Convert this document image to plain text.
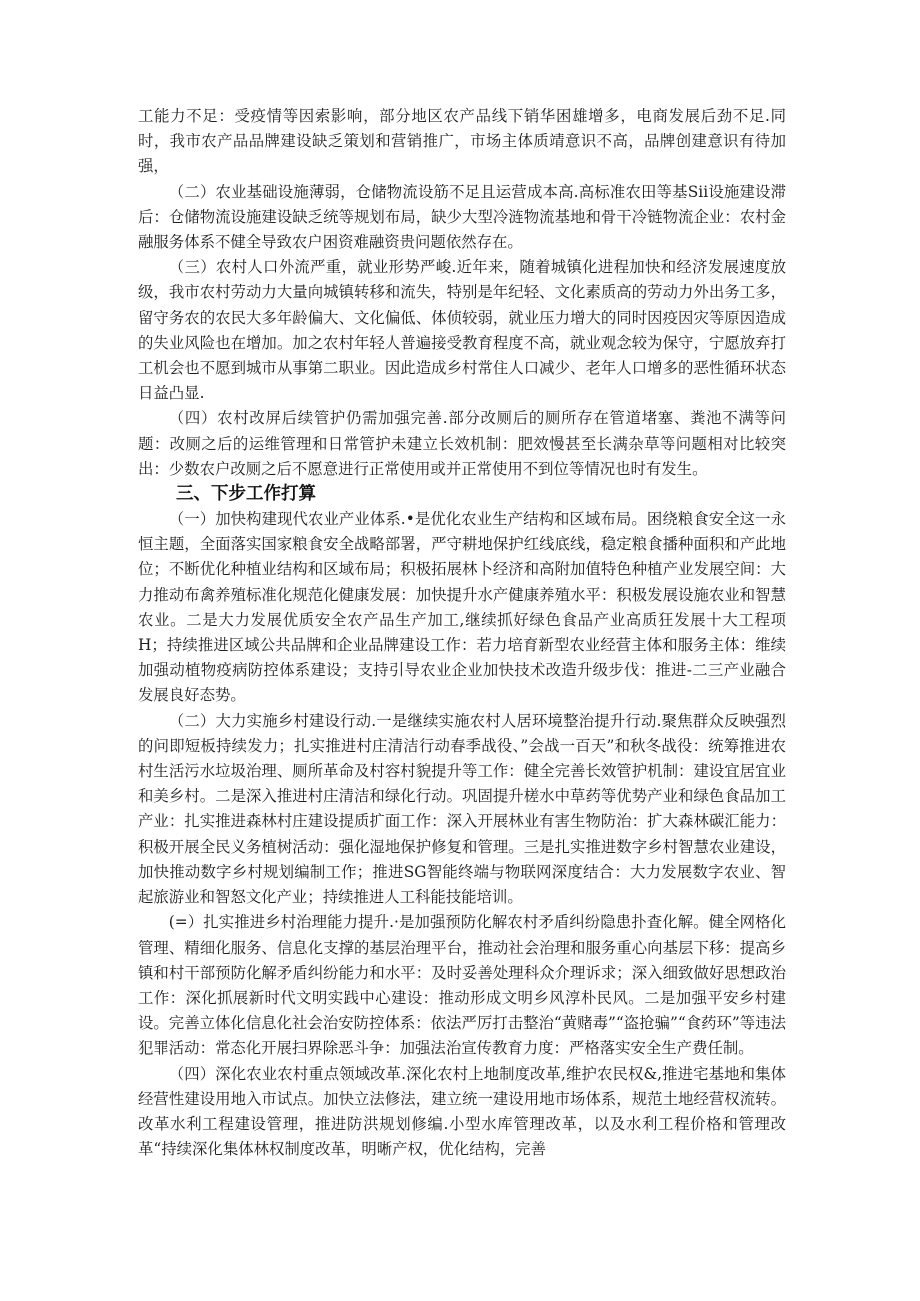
工能力不足：受疫情等因索影响，部分地区农产品线下销华困雄增多，电商发展后劲不足.同时，我市农产品品牌建设缺乏策划和营销推广，市场主体质靖意识不高，品牌创建意识有待加强，

（二）农业基础设施薄弱，仓储物流设筋不足且运营成本高.高标准农田等基Sii设施建设滞后：仓储物流设施建设缺乏统等规划布局，缺少大型冷涟物流基地和骨干冷链物流企业：农村金融服务体系不健全导致农户困资难融资贵问题依然存在。

（三）农村人口外流严重，就业形势严峻.近年来，随着城镇化进程加快和经济发展速度放级，我市农村劳动力大量向城镇转移和流失，特别是年纪轻、文化素质高的劳动力外出务工多，留守务农的农民大多年龄偏大、文化偏低、体侦较弱，就业压力增大的同时因疫因灾等原因造成的失业风险也在增加。加之农村年轻人普遍接受教育程度不高，就业观念较为保守，宁愿放弃打工机会也不愿到城市从事第二职业。因此造成乡村常住人口减少、老年人口增多的恶性循环状态日益凸显.

（四）农村改屏后续管护仍需加强完善.部分改厕后的厕所存在管道堵塞、粪池不满等问题：改厕之后的运维管理和日常管护未建立长效机制：肥效慢甚至长满杂草等问题相对比较突出：少数农户改厕之后不愿意进行正常使用或并正常使用不到位等情况也时有发生。

三、下步工作打算

（一）加快构建现代农业产业体系.•是优化农业生产结构和区域布局。困绕粮食安全这一永恒主题，全面落实国家粮食安全战略部署，严守耕地保护红线底线，稳定粮食播种面积和产此地位；不断优化种植业结构和区域布局；积极拓展林卜经济和高附加值特色种植产业发展空间：大力推动布禽养殖标准化规范化健康发展：加快提升水产健康养殖水平：积极发展设施农业和智慧农业。二是大力发展优质安全农产品生产加工,继续抓好绿色食品产业高质狂发展十大工程项H；持续推进区域公共品牌和企业品牌建设工作：若力培育新型农业经营主体和服务主体：维续加强动植物疫病防控体系建设；支持引导农业企业加快技术改造升级步伐：推进-二三产业融合发展良好态势。

（二）大力实施乡村建设行动.一是继续实施农村人居环境整治提升行动.聚焦群众反映强烈的问即短板持续发力；扎实推进村庄清洁行动春季战役、”会战一百天”和秋冬战役：统筹推进农村生活污水垃圾治理、厕所革命及村容村貌提升等工作：健全完善长效管护机制：建设宜居宜业和美乡村。二是深入推进村庄清洁和绿化行动。巩固提升槎水中草药等优势产业和绿色食品加工产业：扎实推进森林村庄建设提质扩面工作：深入开展林业有害生物防治：扩大森林碳汇能力：积极开展全民义务植树活动：强化湿地保护修复和管理。三是扎实推进数字乡村智慧农业建设，加快推动数字乡村规划编制工作；推进SG智能终端与物联网深度结合：大力发展数字农业、智起旅游业和智怒文化产业；持续推进人工科能技能培训。

(=）扎实推进乡村治理能力提升.·是加强预防化解农村矛盾纠纷隐患扑査化解。健全网格化管理、精细化服务、信息化支撑的基层治理平台，推动社会治理和服务重心向基层下移：提高乡镇和村干部预防化解矛盾纠纷能力和水平：及时妥善处理科众介理诉求；深入细致做好思想政治工作：深化抓展新时代文明实践中心建设：推动形成文明乡风淳朴民风。二是加强平安乡村建设。完善立体化信息化社会治安防控体系：依法严厉打击整治“黄赌毒”“盗抢骗”“食药环”等违法犯罪活动：常态化开展扫界除恶斗争：加强法治宣传教育力度：严格落实安全生产费任制。

（四）深化农业农村重点领域改革.深化农村上地制度改革,维护农民权&,推进宅基地和集体经营性建设用地入市试点。加快立法修法，建立统一建设用地市场体系，规范土地经营权流转。改革水利工程建设管理，推进防洪规划修编.小型水库管理改革，以及水利工程价格和管理改革“持续深化集体林权制度改革，明晰产权，优化结构，完善
